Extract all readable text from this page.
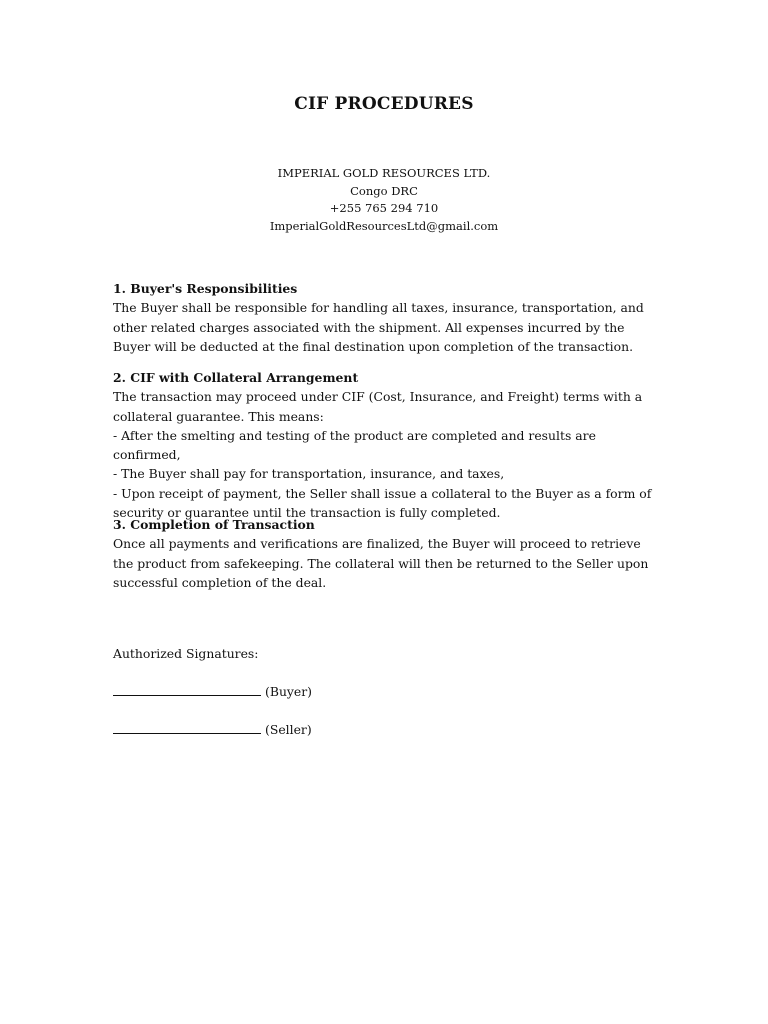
CIF PROCEDURES
IMPERIAL GOLD RESOURCES LTD.
Congo DRC
+255 765 294 710
ImperialGoldResourcesLtd@gmail.com
1. Buyer's Responsibilities
The Buyer shall be responsible for handling all taxes, insurance, transportation, and other related charges associated with the shipment. All expenses incurred by the Buyer will be deducted at the final destination upon completion of the transaction.
2. CIF with Collateral Arrangement
The transaction may proceed under CIF (Cost, Insurance, and Freight) terms with a collateral guarantee. This means:
- After the smelting and testing of the product are completed and results are confirmed,
- The Buyer shall pay for transportation, insurance, and taxes,
- Upon receipt of payment, the Seller shall issue a collateral to the Buyer as a form of security or guarantee until the transaction is fully completed.
3. Completion of Transaction
Once all payments and verifications are finalized, the Buyer will proceed to retrieve the product from safekeeping. The collateral will then be returned to the Seller upon successful completion of the deal.
Authorized Signatures:
(Buyer)
(Seller)
